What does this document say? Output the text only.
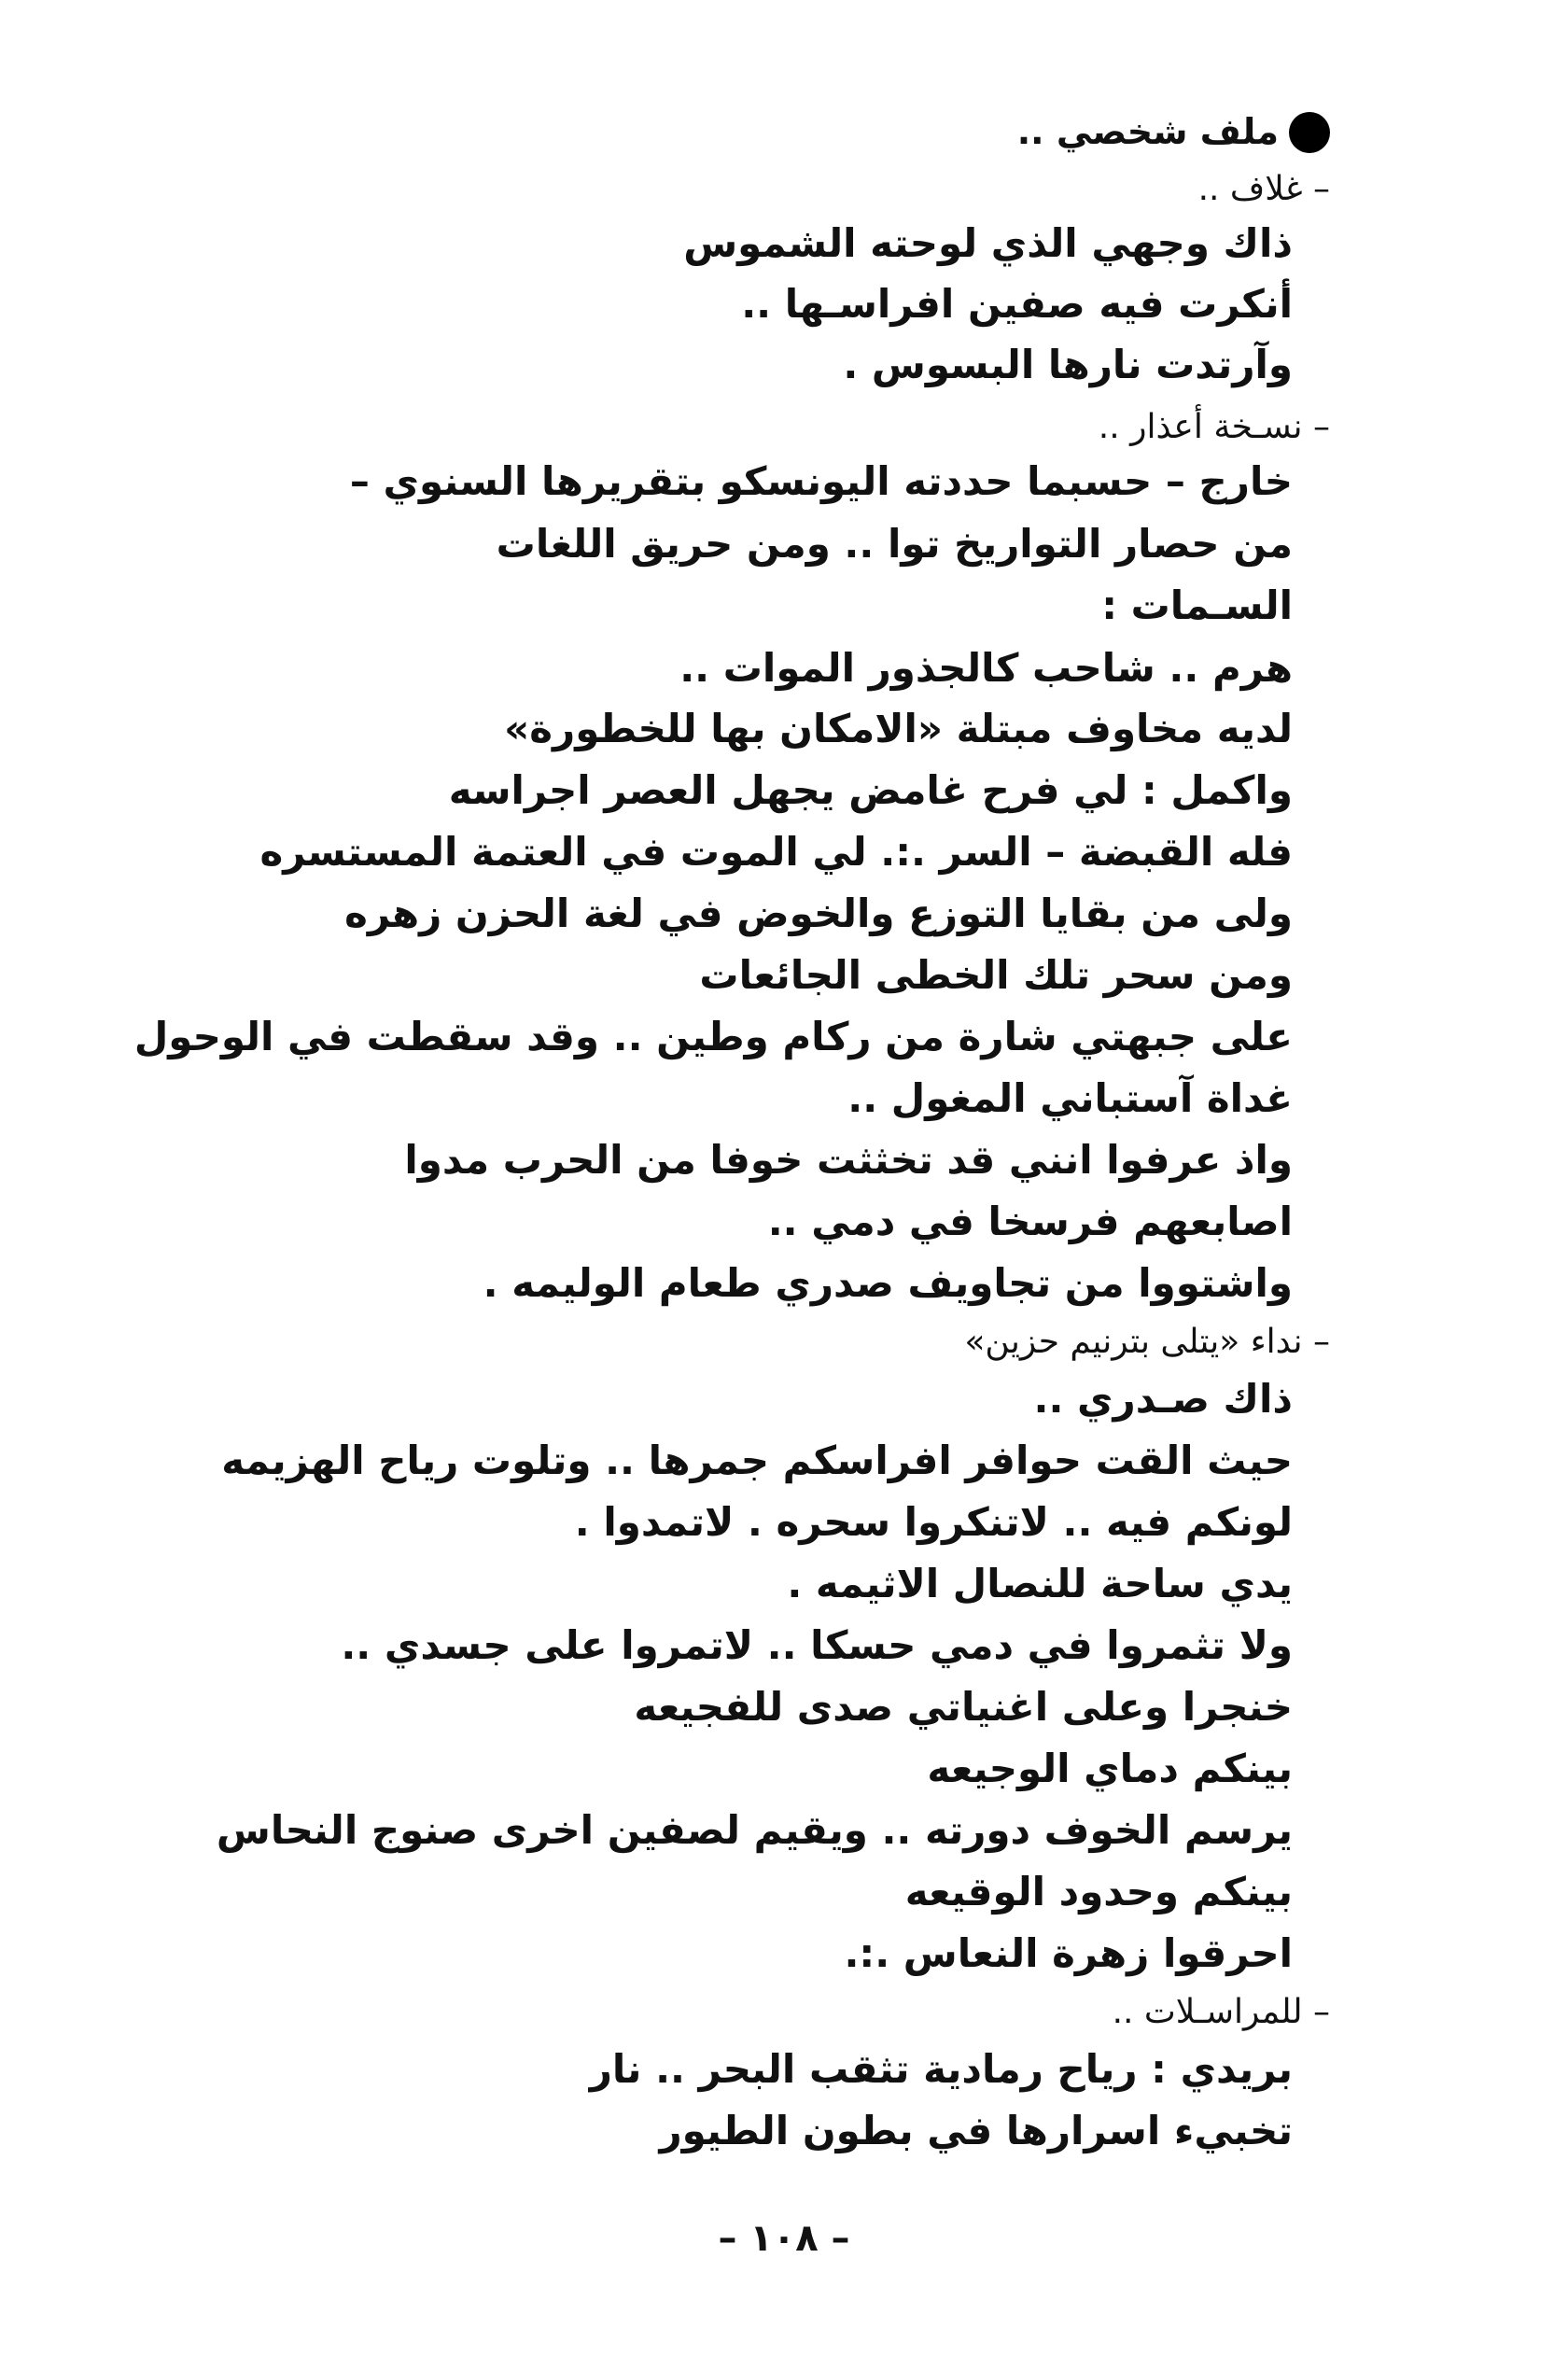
ملف شخصي ..
– غلاف ..
ذاك وجهي الذي لوحته الشموس
أنكرت فيه صفين افراسـها ..
وآرتدت نارها البسوس .
– نسـخة أعذار ..
خارج – حسبما حددته اليونسكو بتقريرها السنوي –
من حصار التواريخ توا .. ومن حريق اللغات
السـمات :
هرم .. شاحب كالجذور الموات ..
لديه مخاوف مبتلة «الامكان بها للخطورة»
واكمل : لي فرح غامض يجهل العصر اجراسه
فله القبضة – السر .:. لي الموت في العتمة المستسره
ولى من بقايا التوزع والخوض في لغة الحزن زهره
ومن سحر تلك الخطى الجائعات
على جبهتي شارة من ركام وطين .. وقد سقطت في الوحول
غداة آستباني المغول ..
واذ عرفوا انني قد تخثثت خوفا من الحرب مدوا
اصابعهم فرسخا في دمي ..
واشتووا من تجاويف صدري طعام الوليمه .
– نداء «يتلى بترنيم حزين»
ذاك صـدري ..
حيث القت حوافر افراسكم جمرها .. وتلوت رياح الهزيمه
لونكم فيه .. لاتنكروا سحره . لاتمدوا .
يدي ساحة للنصال الاثيمه .
ولا تثمروا في دمي حسكا .. لاتمروا على جسدي ..
خنجرا وعلى اغنياتي صدى للفجيعه
بينكم دماي الوجيعه
يرسم الخوف دورته .. ويقيم لصفين اخرى صنوج النحاس
بينكم وحدود الوقيعه
احرقوا زهرة النعاس .:.
– للمراسـلات ..
بريدي : رياح رمادية تثقب البحر .. نار
تخبيء اسرارها في بطون الطيور
– ١٠٨ –
